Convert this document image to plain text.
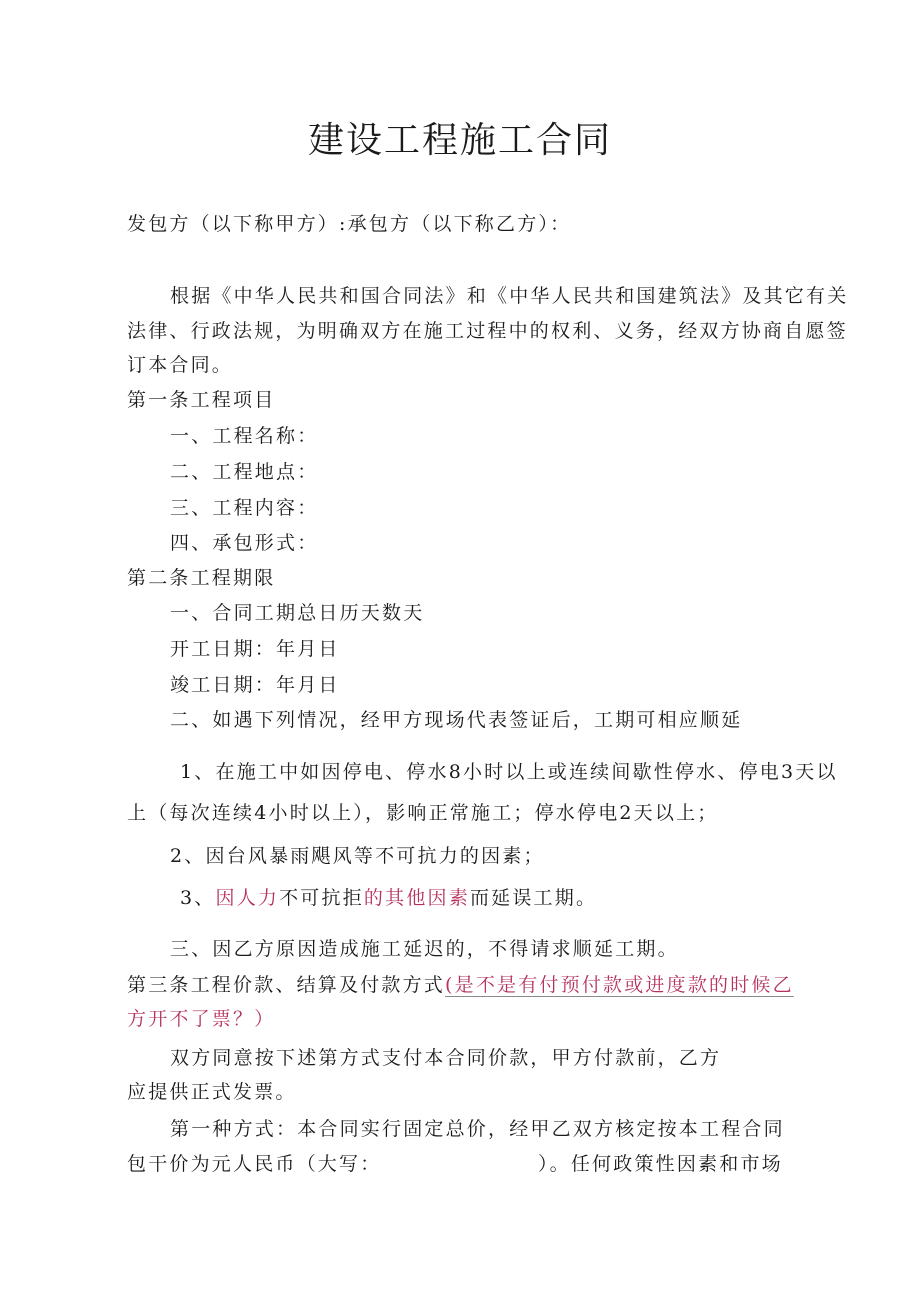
建设工程施工合同
发包方（以下称甲方）:承包方（以下称乙方）：
根据《中华人民共和国合同法》和《中华人民共和国建筑法》及其它有关
法律、行政法规，为明确双方在施工过程中的权利、义务，经双方协商自愿签
订本合同。
第一条工程项目
一、工程名称：
二、工程地点：
三、工程内容：
四、承包形式：
第二条工程期限
一、合同工期总日历天数天
开工日期：年月日
竣工日期：年月日
二、如遇下列情况，经甲方现场代表签证后，工期可相应顺延
1、在施工中如因停电、停水8小时以上或连续间歇性停水、停电3天以
上（每次连续4小时以上），影响正常施工；停水停电2天以上；
2、因台风暴雨飓风等不可抗力的因素；
3、因人力不可抗拒的其他因素而延误工期。
三、因乙方原因造成施工延迟的，不得请求顺延工期。
第三条工程价款、结算及付款方式(是不是有付预付款或进度款的时候乙
方开不了票？）
双方同意按下述第方式支付本合同价款，甲方付款前，乙方
应提供正式发票。
第一种方式：本合同实行固定总价，经甲乙双方核定按本工程合同
包干价为元人民币（大写：                   ）。任何政策性因素和市场
